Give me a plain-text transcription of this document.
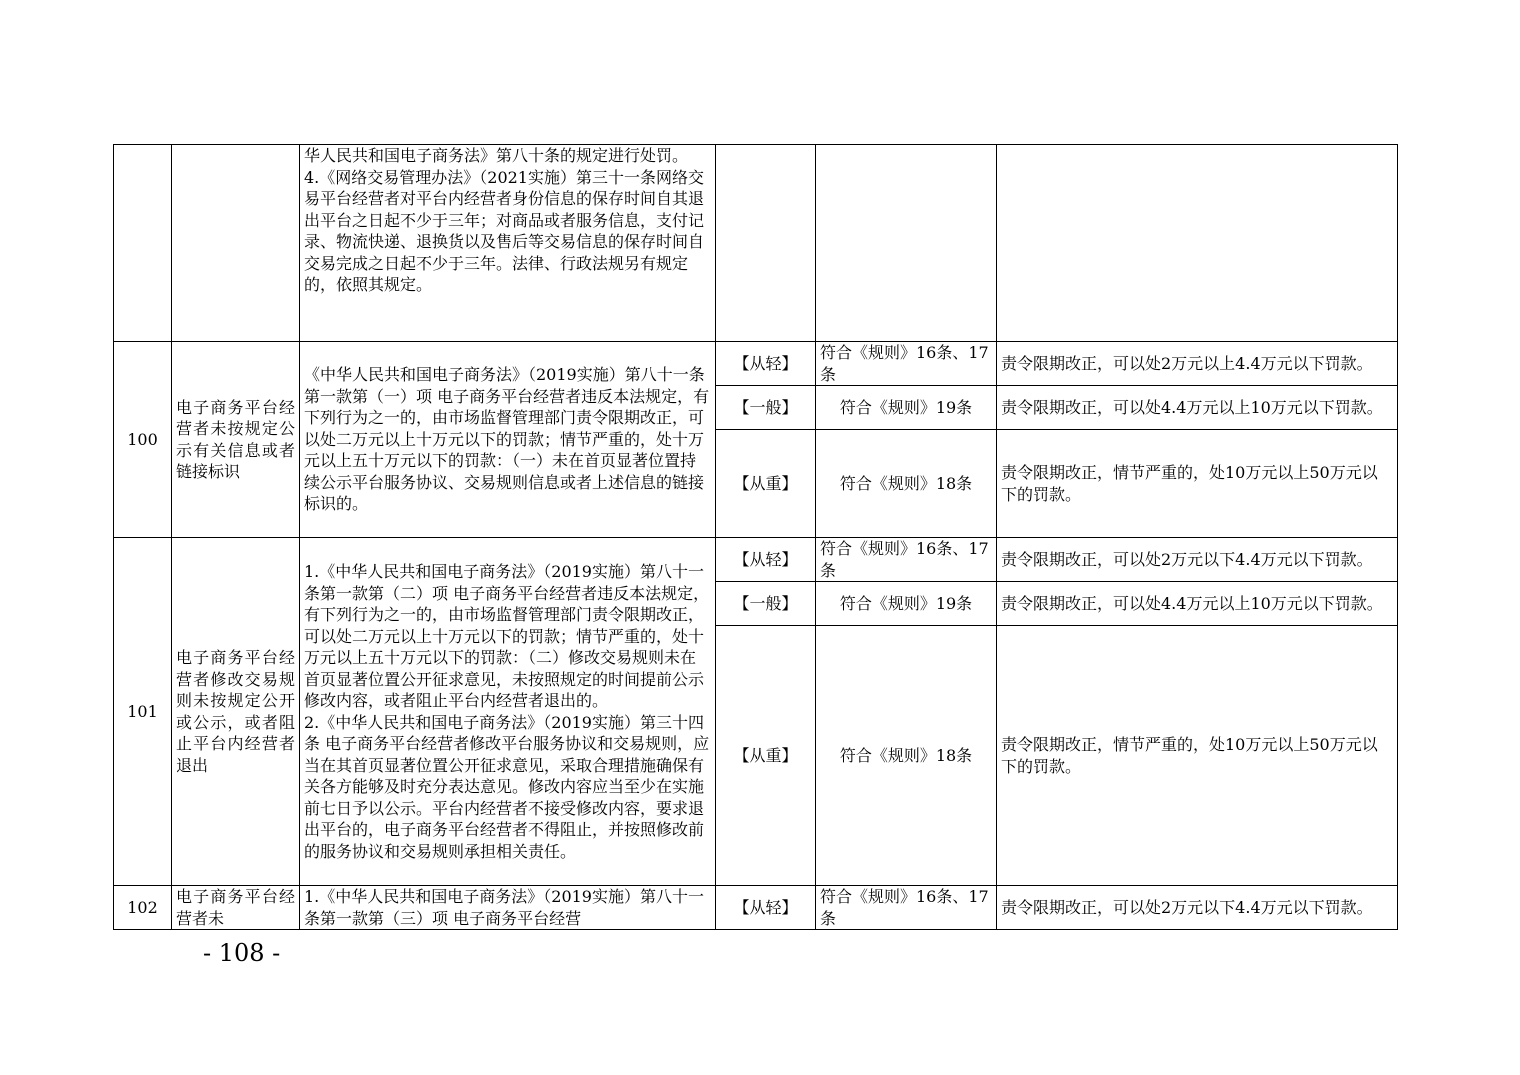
		华人民共和国电子商务法》第八十条的规定进行处罚。
4.《网络交易管理办法》（2021实施）第三十一条网络交易平台经营者对平台内经营者身份信息的保存时间自其退出平台之日起不少于三年；对商品或者服务信息，支付记录、物流快递、退换货以及售后等交易信息的保存时间自交易完成之日起不少于三年。法律、行政法规另有规定的，依照其规定。			
100	电子商务平台经营者未按规定公示有关信息或者链接标识	《中华人民共和国电子商务法》（2019实施）第八十一条第一款第（一）项 电子商务平台经营者违反本法规定，有下列行为之一的，由市场监督管理部门责令限期改正，可以处二万元以上十万元以下的罚款；情节严重的，处十万元以上五十万元以下的罚款：（一）未在首页显著位置持续公示平台服务协议、交易规则信息或者上述信息的链接标识的。	【从轻】	符合《规则》16条、17条	责令限期改正，可以处2万元以上4.4万元以下罚款。
			【一般】	符合《规则》19条	责令限期改正，可以处4.4万元以上10万元以下罚款。
			【从重】	符合《规则》18条	责令限期改正，情节严重的，处10万元以上50万元以下的罚款。
101	电子商务平台经营者修改交易规则未按规定公开或公示，或者阻止平台内经营者退出	1.《中华人民共和国电子商务法》（2019实施）第八十一条第一款第（二）项 电子商务平台经营者违反本法规定，有下列行为之一的，由市场监督管理部门责令限期改正，可以处二万元以上十万元以下的罚款；情节严重的，处十万元以上五十万元以下的罚款：（二）修改交易规则未在首页显著位置公开征求意见，未按照规定的时间提前公示修改内容，或者阻止平台内经营者退出的。
2.《中华人民共和国电子商务法》（2019实施）第三十四条 电子商务平台经营者修改平台服务协议和交易规则，应当在其首页显著位置公开征求意见，采取合理措施确保有关各方能够及时充分表达意见。修改内容应当至少在实施前七日予以公示。平台内经营者不接受修改内容，要求退出平台的，电子商务平台经营者不得阻止，并按照修改前的服务协议和交易规则承担相关责任。	【从轻】	符合《规则》16条、17条	责令限期改正，可以处2万元以下4.4万元以下罚款。
			【一般】	符合《规则》19条	责令限期改正，可以处4.4万元以上10万元以下罚款。
			【从重】	符合《规则》18条	责令限期改正，情节严重的，处10万元以上50万元以下的罚款。
102	电子商务平台经营者未	1.《中华人民共和国电子商务法》（2019实施）第八十一条第一款第（三）项 电子商务平台经营	【从轻】	符合《规则》16条、17条	责令限期改正，可以处2万元以下4.4万元以下罚款。
- 108 -
